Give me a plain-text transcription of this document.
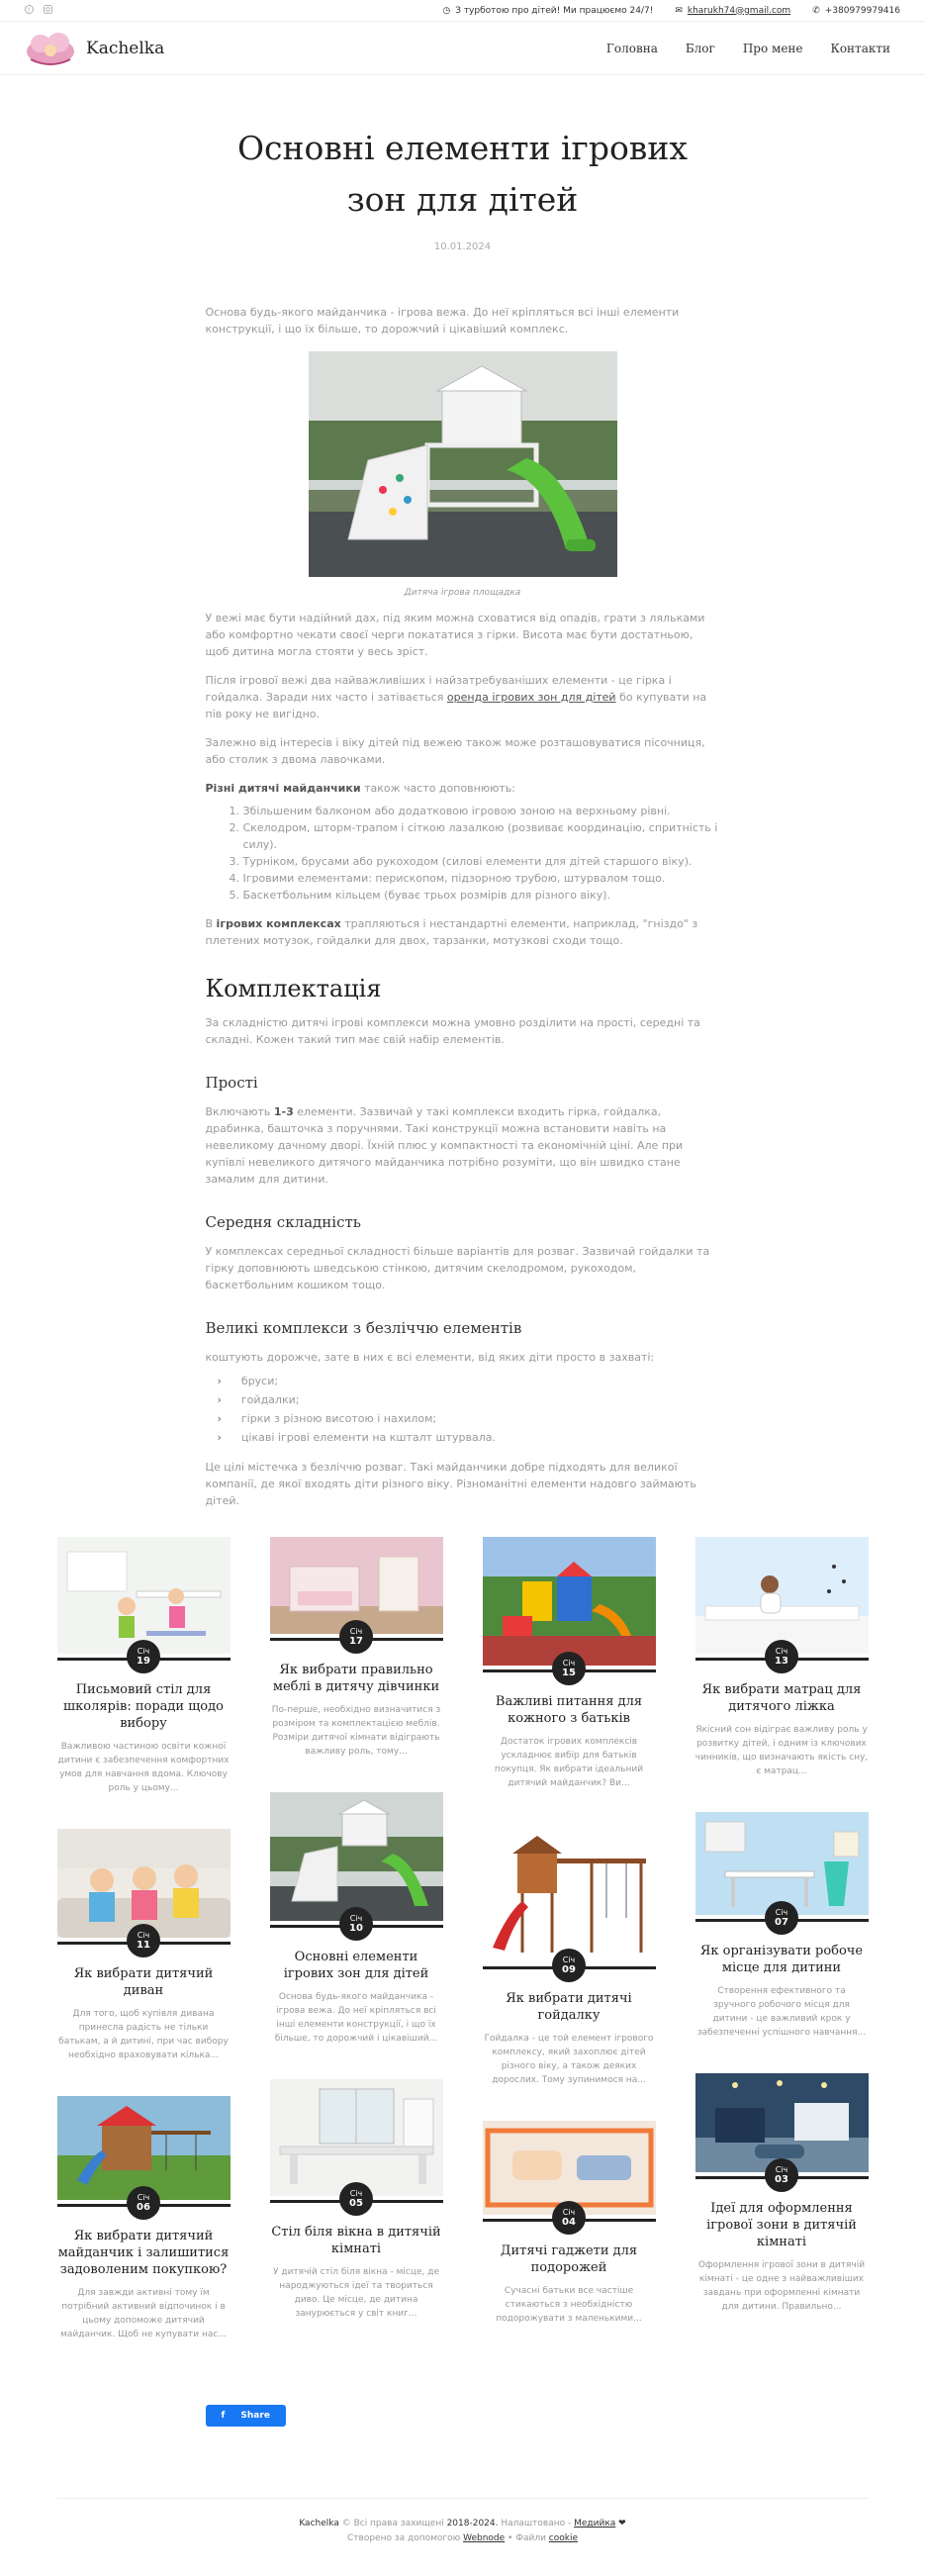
f	◷ З турботою про дітей! Ми працюємо 24/7! ✉ kharukh74@gmail.com ✆ +380979979416
Kachelka	Головна Блог Про мене Контакти
Основні елементи ігрових зон для дітей
10.01.2024

Основа будь-якого майданчика - ігрова вежа. До неї кріпляться всі інші елементи конструкції, і що їх більше, то дорожчий і цікавіший комплекс.

Дитяча ігрова площадка

У вежі має бути надійний дах, під яким можна сховатися від опадів, грати з ляльками або комфортно чекати своєї черги покататися з гірки. Висота має бути достатньою, щоб дитина могла стояти у весь зріст.

Після ігрової вежі два найважливіших і найзатребуваніших елементи - це гірка і гойдалка. Заради них часто і затівається оренда ігрових зон для дітей бо купувати на пів року не вигідно.

Залежно від інтересів і віку дітей під вежею також може розташовуватися пісочниця, або столик з двома лавочками.

Різні дитячі майданчики також часто доповнюють:

1. Збільшеним балконом або додатковою ігровою зоною на верхньому рівні.
2. Скелодром, шторм-трапом і сіткою лазалкою (розвиває координацію, спритність і силу).
3. Турніком, брусами або рукоходом (силові елементи для дітей старшого віку).
4. Ігровими елементами: перископом, підзорною трубою, штурвалом тощо.
5. Баскетбольним кільцем (буває трьох розмірів для різного віку).

В ігрових комплексах трапляються і нестандартні елементи, наприклад, "гніздо" з плетених мотузок, гойдалки для двох, тарзанки, мотузкові сходи тощо.

Комплектація

За складністю дитячі ігрові комплекси можна умовно розділити на прості, середні та складні. Кожен такий тип має свій набір елементів.

Прості

Включають 1-3 елементи. Зазвичай у такі комплекси входить гірка, гойдалка, драбинка, башточка з поручнями. Такі конструкції можна встановити навіть на невеликому дачному дворі. Їхній плюс у компактності та економічній ціні. Але при купівлі невеликого дитячого майданчика потрібно розуміти, що він швидко стане замалим для дитини.

Середня складність

У комплексах середньої складності більше варіантів для розваг. Зазвичай гойдалки та гірку доповнюють шведською стінкою, дитячим скелодромом, рукоходом, баскетбольним кошиком тощо.

Великі комплекси з безліччю елементів

коштують дорожче, зате в них є всі елементи, від яких діти просто в захваті:

› бруси;
› гойдалки;
› гірки з різною висотою і нахилом;
› цікаві ігрові елементи на кшталт штурвала.

Це цілі містечка з безліччю розваг. Такі майданчики добре підходять для великої компанії, де якої входять діти різного віку. Різноманітні елементи надовго займають дітей.

Січ
19
Письмовий стіл для школярів: поради щодо вибору
Важливою частиною освіти кожної дитини є забезпечення комфортних умов для навчання вдома. Ключову роль у цьому...
Січ
11
Як вибрати дитячий диван
Для того, щоб купівля дивана принесла радість не тільки батькам, а й дитині, при час вибору необхідно враховувати кілька...
Січ
06
Як вибрати дитячий майданчик і залишитися задоволеним покупкою?
Для завжди активні тому їм потрібний активний відпочинок і в цьому допоможе дитячий майданчик. Щоб не купувати нас...
Січ
17
Як вибрати правильно меблі в дитячу дівчинки
По-перше, необхідно визначитися з розміром та комплектацією меблів. Розміри дитячої кімнати відіграють важливу роль, тому...
Січ
10
Основні елементи ігрових зон для дітей
Основа будь-якого майданчика - ігрова вежа. До неї кріпляться всі інші елементи конструкції, і що їх більше, то дорожчий і цікавіший...
Січ
05
Стіл біля вікна в дитячій кімнаті
У дитячій стіл біля вікна - місце, де народжуються ідеї та твориться диво. Це місце, де дитина занурюється у світ книг...
Січ
15
Важливі питання для кожного з батьків
Достаток ігрових комплексів ускладнює вибір для батьків покупця. Як вибрати ідеальний дитячий майданчик? Ви...
Січ
09
Як вибрати дитячі гойдалку
Гойдалка - це той елемент ігрового комплексу, який захоплює дітей різного віку, а також деяких дорослих. Тому зупинимося на...
Січ
04
Дитячі гаджети для подорожей
Сучасні батьки все частіше стикаються з необхідністю подорожувати з маленькими...
Січ
13
Як вибрати матрац для дитячого ліжка
Якісний сон відіграє важливу роль у розвитку дітей, і одним із ключових чинників, що визначають якість сну, є матрац...
Січ
07
Як організувати робоче місце для дитини
Створення ефективного та зручного робочого місця для дитини - це важливий крок у забезпеченні успішного навчання...
Січ
03
Ідеї для оформлення ігрової зони в дитячій кімнаті
Оформлення ігрової зони в дитячій кімнаті - це одне з найважливіших завдань при оформленні кімнати для дитини. Правильно...
fShare
Kachelka © Всі права захищені 2018-2024. Налаштовано - Медийка ❤
Створено за допомогою Webnode • Файли cookie
